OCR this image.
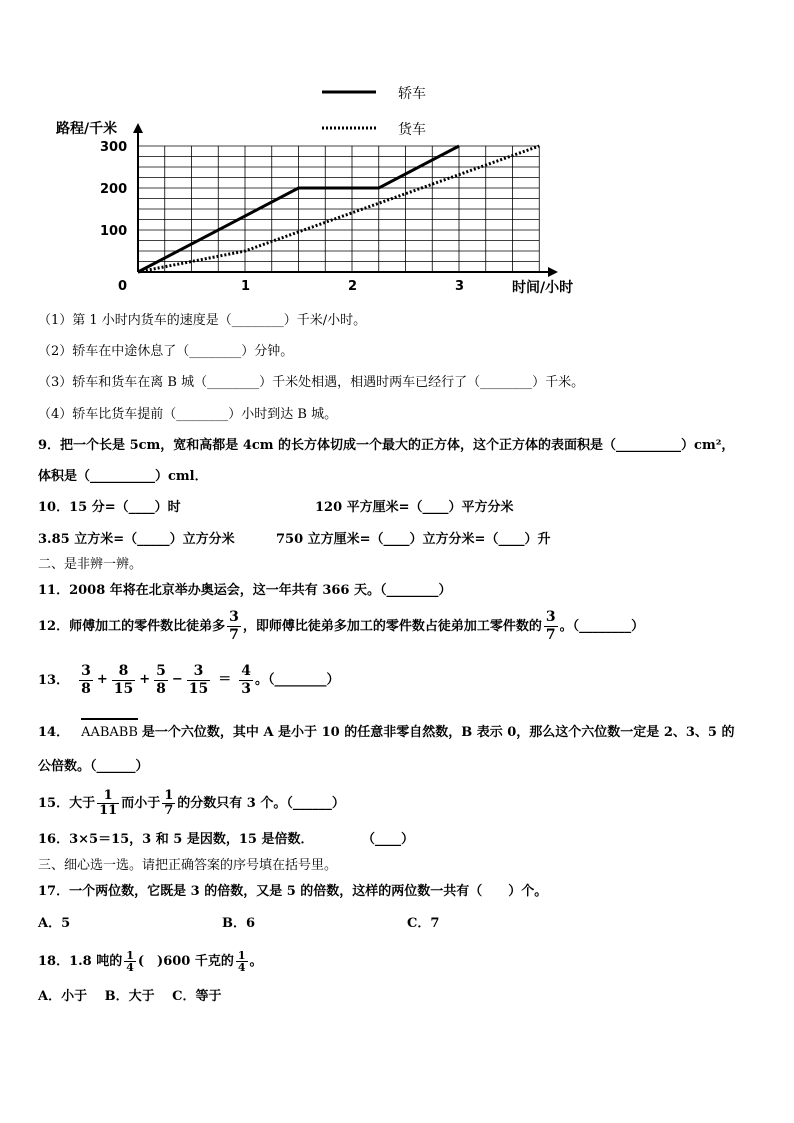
0	1	2	3
100
200
300
路程/千米
时间/小时
轿车
货车
（1）第 1 小时内货车的速度是（________）千米/小时。
（2）轿车在中途休息了（________）分钟。
（3）轿车和货车在离 B 城（________）千米处相遇，相遇时两车已经行了（________）千米。
（4）轿车比货车提前（________）小时到达 B 城。
9．把一个长是 5cm，宽和高都是 4cm 的长方体切成一个最大的正方体，这个正方体的表面积是（__________）cm²，
体积是（__________）cml．
10．15 分=（____）时	120 平方厘米=（____）平方分米
3.85 立方米=（_____）立方分米	750 立方厘米=（____）立方分米=（____）升
二、是非辨一辨。
11．2008 年将在北京举办奥运会，这一年共有 366 天。（________）
12．师傅加工的零件数比徒弟多 $\frac{3}{7}$ ，即师傅比徒弟多加工的零件数占徒弟加工零件数的 $\frac{3}{7}$ 。（________）
13． $\frac{3}{8} + \frac{8}{15} + \frac{5}{8} - \frac{3}{15} = \frac{4}{3}$ 。（________）
14． AABABB 是一个六位数，其中 A 是小于 10 的任意非零自然数，B 表示 0，那么这个六位数一定是 2、3、5 的
公倍数。（______）
15．大于 $\frac{1}{11}$ 而小于 $\frac{1}{7}$ 的分数只有 3 个。（______）
16．3×5＝15，3 和 5 是因数，15 是倍数．	（____）
三、细心选一选。请把正确答案的序号填在括号里。
17．一个两位数，它既是 3 的倍数，又是 5 的倍数，这样的两位数一共有（　　）个。
A．5	B．6	C．7
18．1.8 吨的 $\frac{1}{4}$ (　)600 千克的 $\frac{1}{4}$ 。
A．小于　 B．大于　 C．等于
